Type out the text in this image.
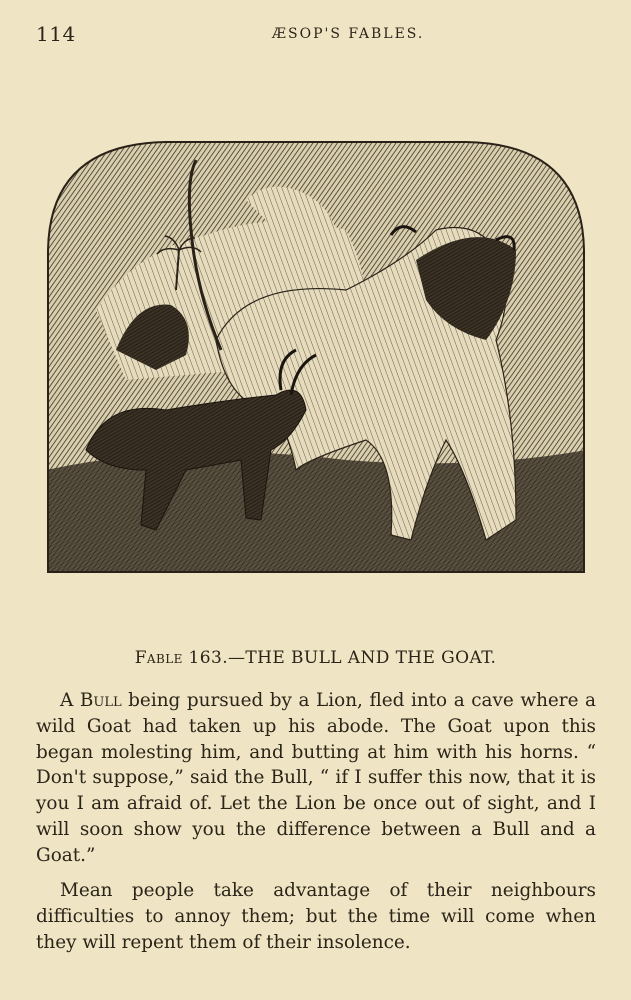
114	ÆSOP'S FABLES.
Fable 163.—THE BULL AND THE GOAT.
A Bull being pursued by a Lion, fled into a cave where a wild Goat had taken up his abode. The Goat upon this began molesting him, and butting at him with his horns. “ Don't suppose,” said the Bull, “ if I suffer this now, that it is you I am afraid of. Let the Lion be once out of sight, and I will soon show you the difference between a Bull and a Goat.”
Mean people take advantage of their neighbours difficulties to annoy them; but the time will come when they will repent them of their insolence.
